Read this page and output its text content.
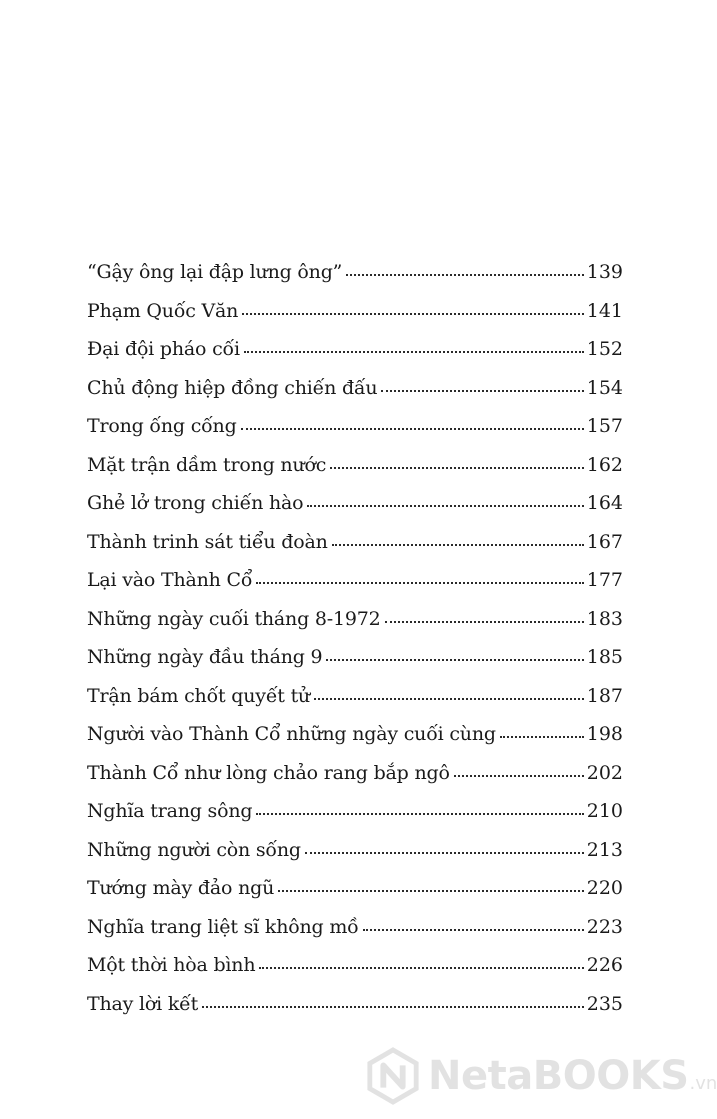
“Gậy ông lại đập lưng ông”	139
Phạm Quốc Văn	141
Đại đội pháo cối	152
Chủ động hiệp đồng chiến đấu	154
Trong ống cống	157
Mặt trận dầm trong nước	162
Ghẻ lở trong chiến hào	164
Thành trinh sát tiểu đoàn	167
Lại vào Thành Cổ	177
Những ngày cuối tháng 8-1972	183
Những ngày đầu tháng 9	185
Trận bám chốt quyết tử	187
Người vào Thành Cổ những ngày cuối cùng	198
Thành Cổ như lòng chảo rang bắp ngô	202
Nghĩa trang sông	210
Những người còn sống	213
Tướng mày đảo ngũ	220
Nghĩa trang liệt sĩ không mồ	223
Một thời hòa bình	226
Thay lời kết	235
NetaBOOKS .vn
